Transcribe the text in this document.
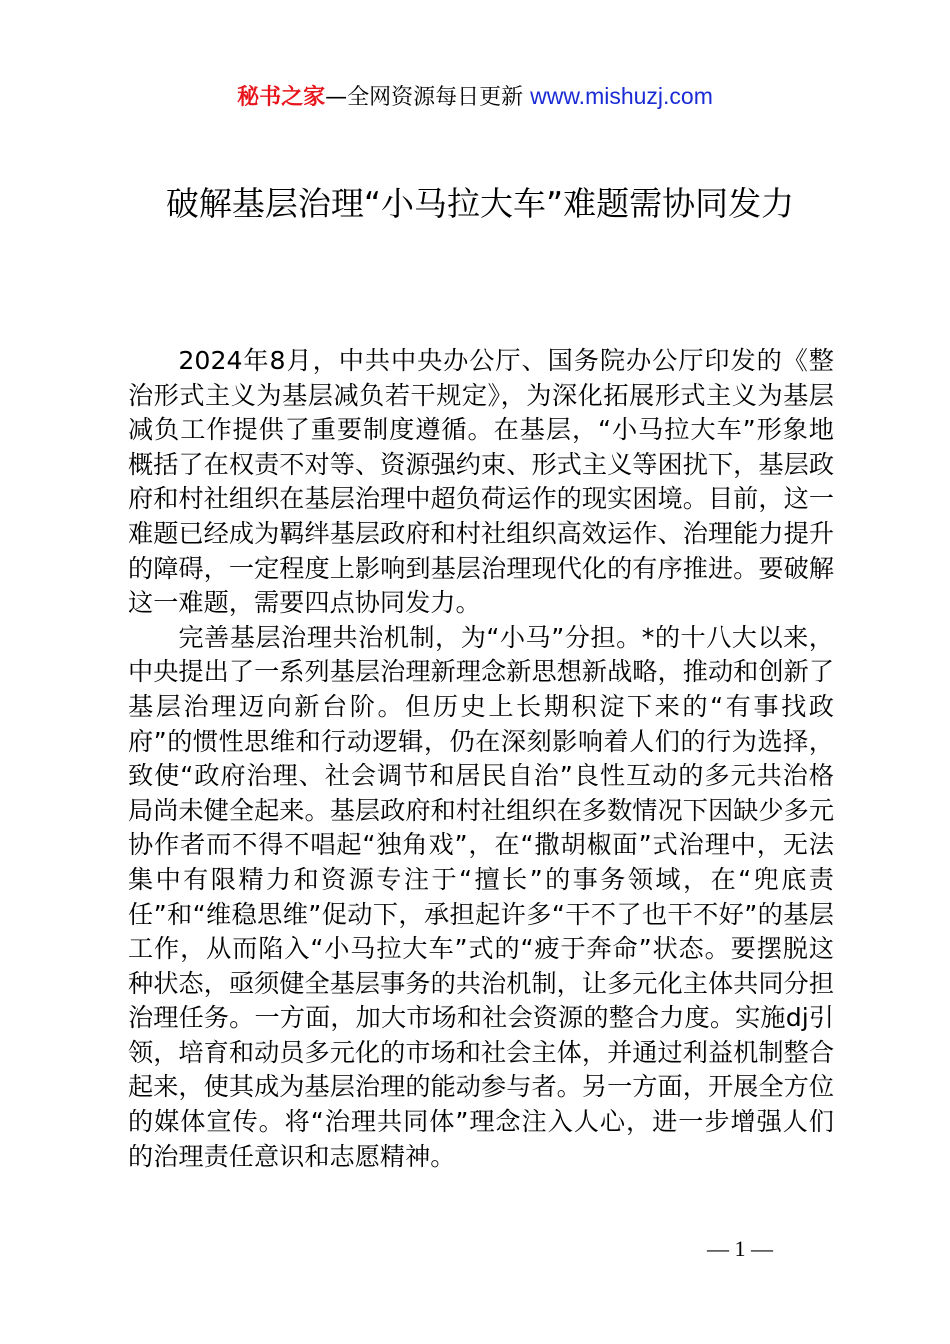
秘书之家—全网资源每日更新 www.mishuzj.com
破解基层治理“小马拉大车”难题需协同发力

2024年8月，中共中央办公厅、国务院办公厅印发的《整治形式主义为基层减负若干规定》，为深化拓展形式主义为基层减负工作提供了重要制度遵循。在基层，“小马拉大车”形象地概括了在权责不对等、资源强约束、形式主义等困扰下，基层政府和村社组织在基层治理中超负荷运作的现实困境。目前，这一难题已经成为羁绊基层政府和村社组织高效运作、治理能力提升的障碍，一定程度上影响到基层治理现代化的有序推进。要破解这一难题，需要四点协同发力。

完善基层治理共治机制，为“小马”分担。*的十八大以来，中央提出了一系列基层治理新理念新思想新战略，推动和创新了基层治理迈向新台阶。但历史上长期积淀下来的“有事找政府”的惯性思维和行动逻辑，仍在深刻影响着人们的行为选择，致使“政府治理、社会调节和居民自治”良性互动的多元共治格局尚未健全起来。基层政府和村社组织在多数情况下因缺少多元协作者而不得不唱起“独角戏”，在“撒胡椒面”式治理中，无法集中有限精力和资源专注于“擅长”的事务领域，在“兜底责任”和“维稳思维”促动下，承担起许多“干不了也干不好”的基层工作，从而陷入“小马拉大车”式的“疲于奔命”状态。要摆脱这种状态，亟须健全基层事务的共治机制，让多元化主体共同分担治理任务。一方面，加大市场和社会资源的整合力度。实施dj引领，培育和动员多元化的市场和社会主体，并通过利益机制整合起来，使其成为基层治理的能动参与者。另一方面，开展全方位的媒体宣传。将“治理共同体”理念注入人心，进一步增强人们的治理责任意识和志愿精神。

— 1 —
